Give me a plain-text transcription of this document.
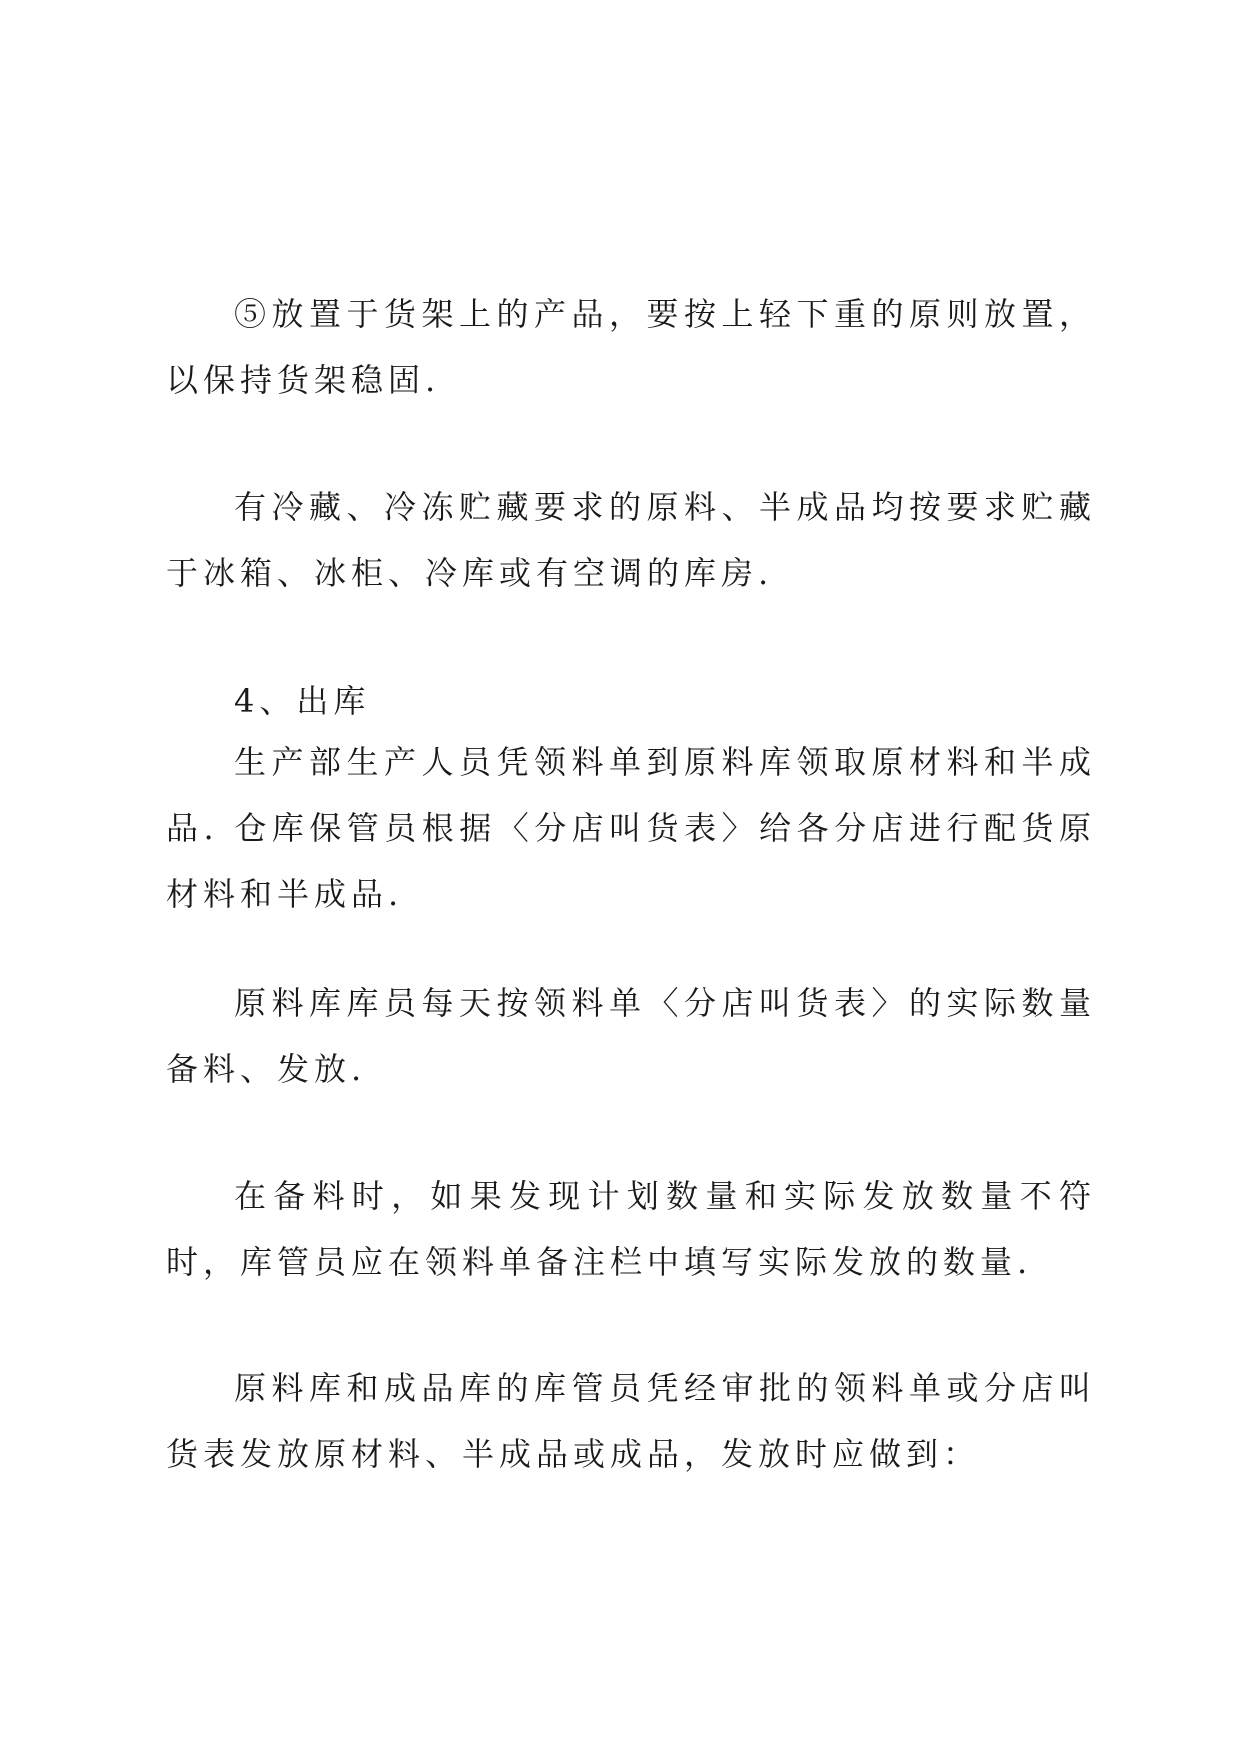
⑤放置于货架上的产品，要按上轻下重的原则放置，以保持货架稳固.

有冷藏、冷冻贮藏要求的原料、半成品均按要求贮藏于冰箱、冰柜、冷库或有空调的库房.

4、出库

生产部生产人员凭领料单到原料库领取原材料和半成品. 仓库保管员根据〈分店叫货表〉给各分店进行配货原材料和半成品.

原料库库员每天按领料单〈分店叫货表〉的实际数量备料、发放.

在备料时，如果发现计划数量和实际发放数量不符时，库管员应在领料单备注栏中填写实际发放的数量.

原料库和成品库的库管员凭经审批的领料单或分店叫货表发放原材料、半成品或成品，发放时应做到：
